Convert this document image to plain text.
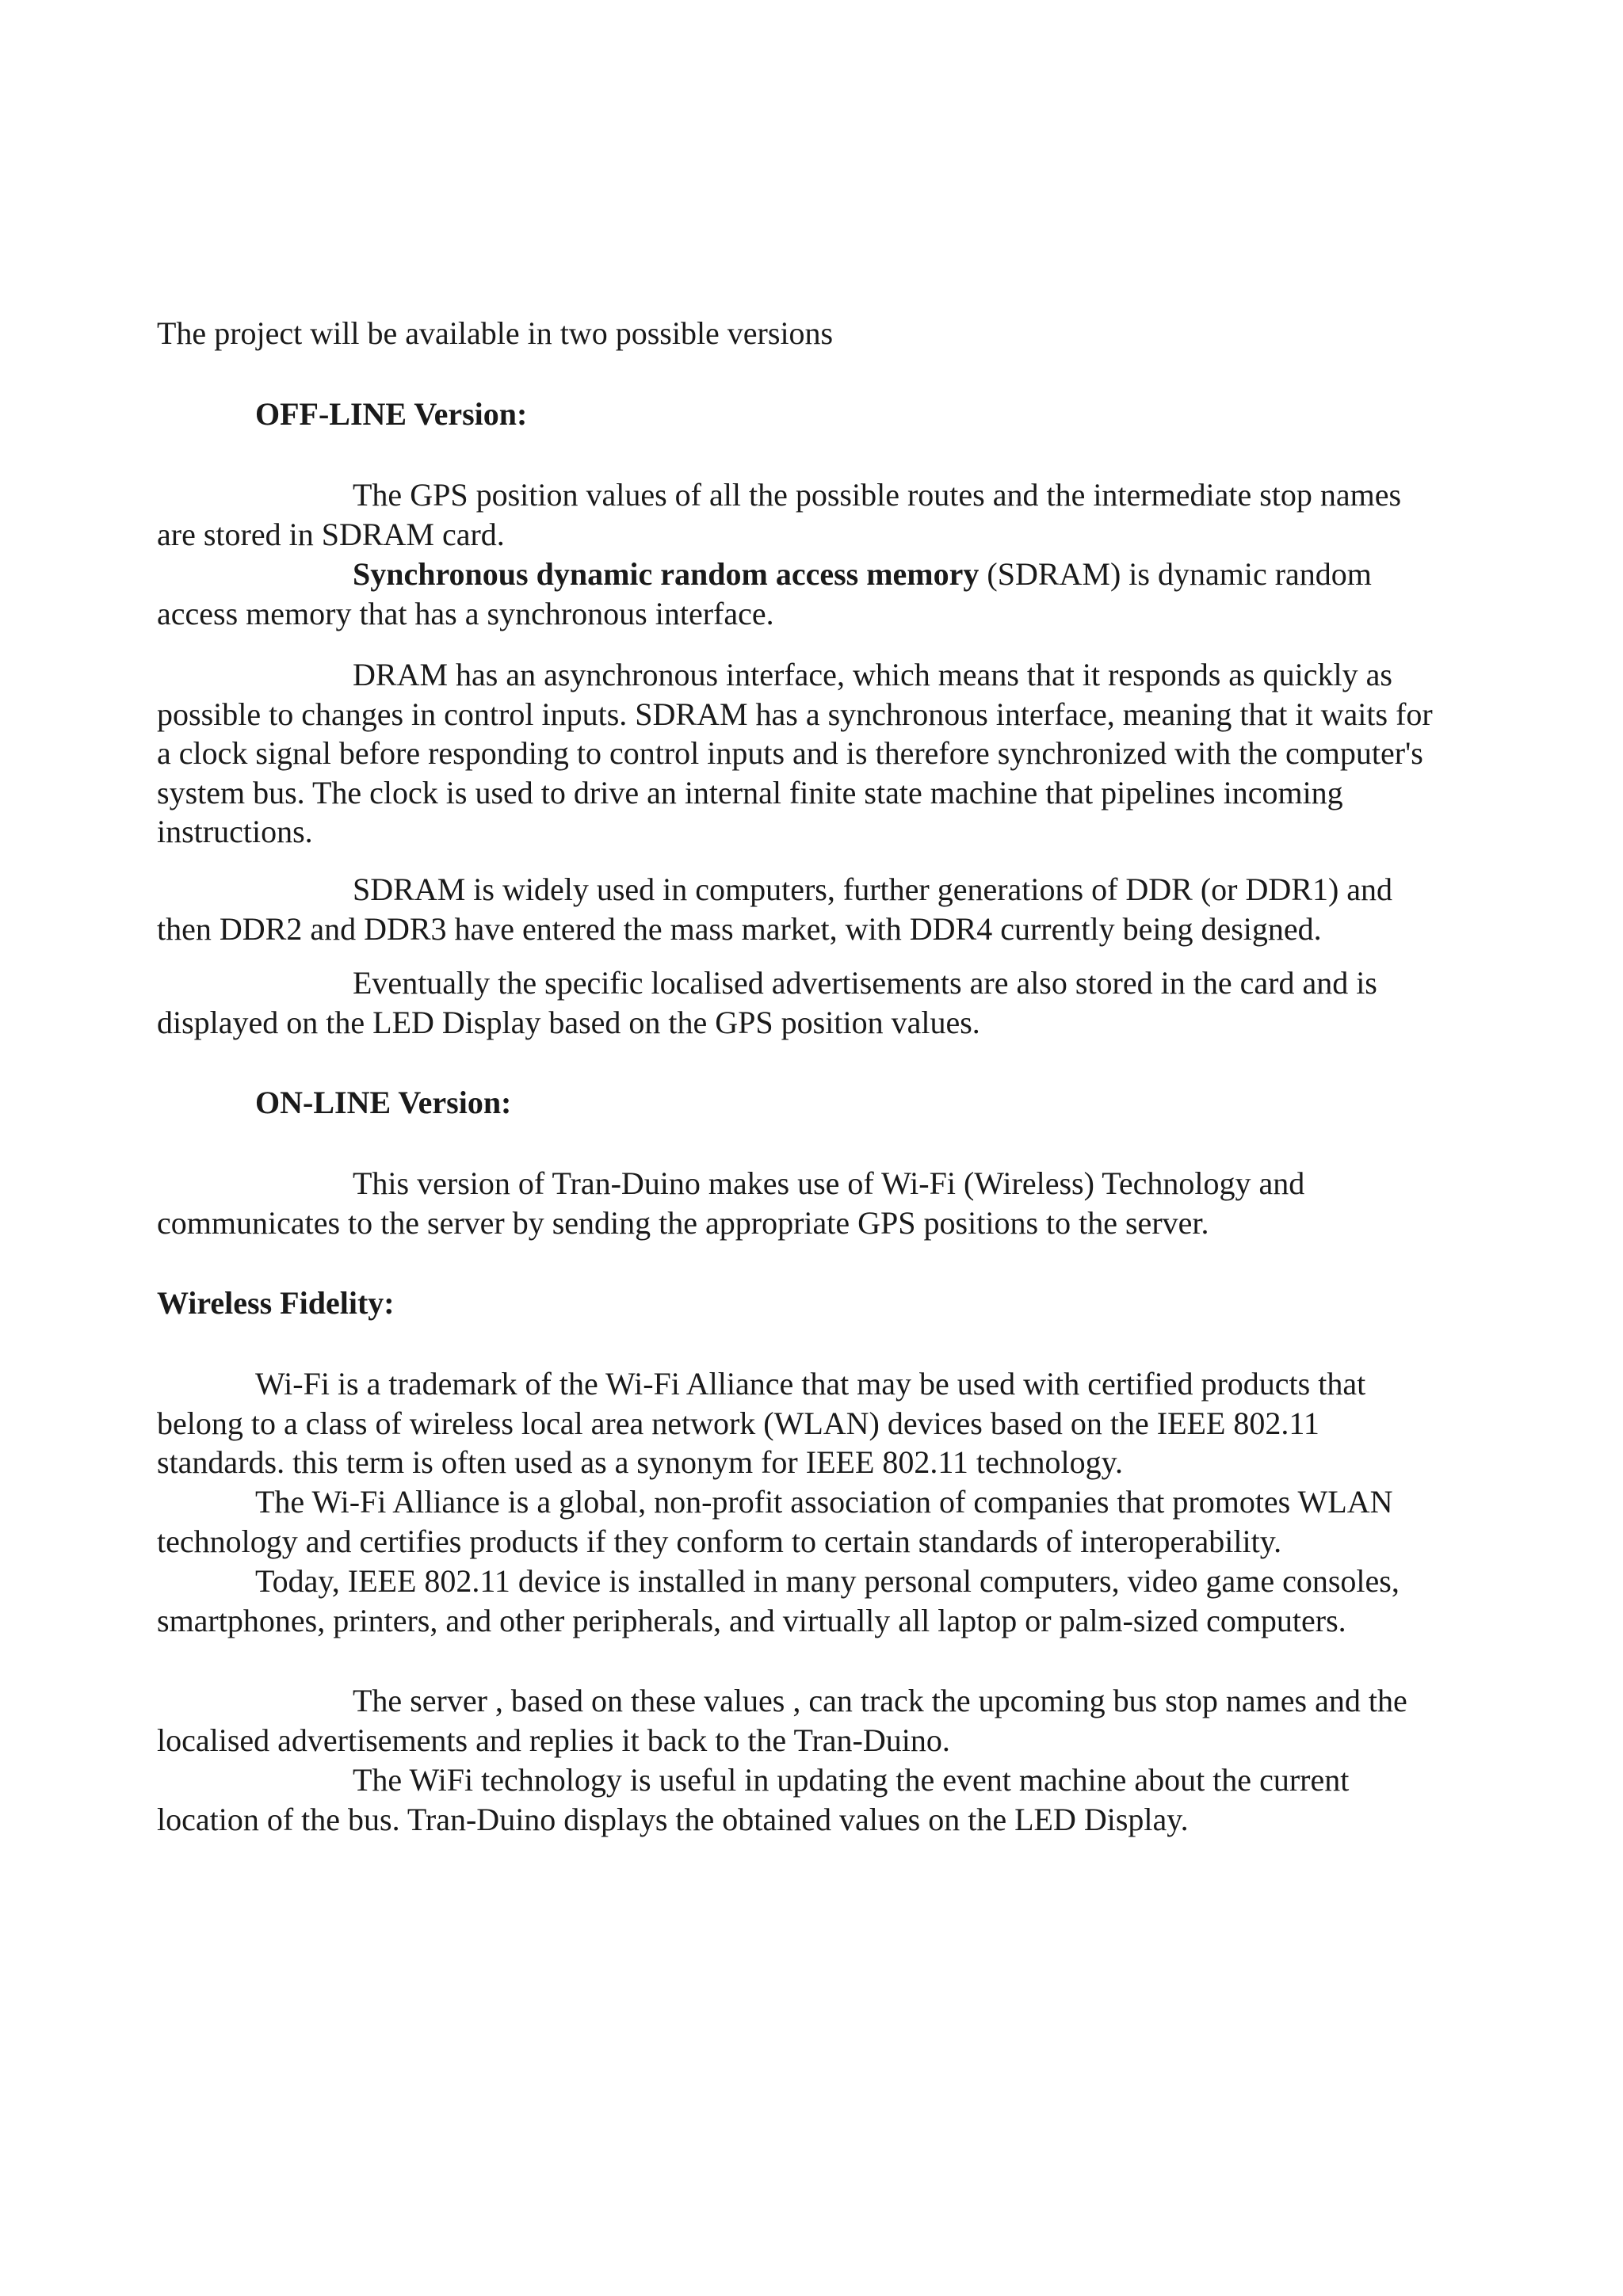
The project will be available in two possible versions

OFF-LINE Version:

The GPS position values of all the possible routes and the intermediate stop names
are stored in SDRAM card.

Synchronous dynamic random access memory (SDRAM) is dynamic random
access memory that has a synchronous interface.

DRAM has an asynchronous interface, which means that it responds as quickly as
possible to changes in control inputs. SDRAM has a synchronous interface, meaning that it waits for
a clock signal before responding to control inputs and is therefore synchronized with the computer's
system bus. The clock is used to drive an internal finite state machine that pipelines incoming
instructions.

SDRAM is widely used in computers, further generations of DDR (or DDR1) and
then DDR2 and DDR3 have entered the mass market, with DDR4 currently being designed.

Eventually the specific localised advertisements are also stored in the card and is
displayed on the LED Display based on the GPS position values.

ON-LINE Version:

This version of Tran-Duino makes use of Wi-Fi (Wireless) Technology and
communicates to the server by sending the appropriate GPS positions to the server.

Wireless Fidelity:

Wi-Fi is a trademark of the Wi-Fi Alliance that may be used with certified products that
belong to a class of wireless local area network (WLAN) devices based on the IEEE 802.11
standards. this term is often used as a synonym for IEEE 802.11 technology.

The Wi-Fi Alliance is a global, non-profit association of companies that promotes WLAN
technology and certifies products if they conform to certain standards of interoperability.

Today, IEEE 802.11 device is installed in many personal computers, video game consoles,
smartphones, printers, and other peripherals, and virtually all laptop or palm-sized computers.

The server , based on these values , can track the upcoming bus stop names and the
localised advertisements and replies it back to the Tran-Duino.

The WiFi technology is useful in updating the event machine about the current
location of the bus. Tran-Duino displays the obtained values on the LED Display.
